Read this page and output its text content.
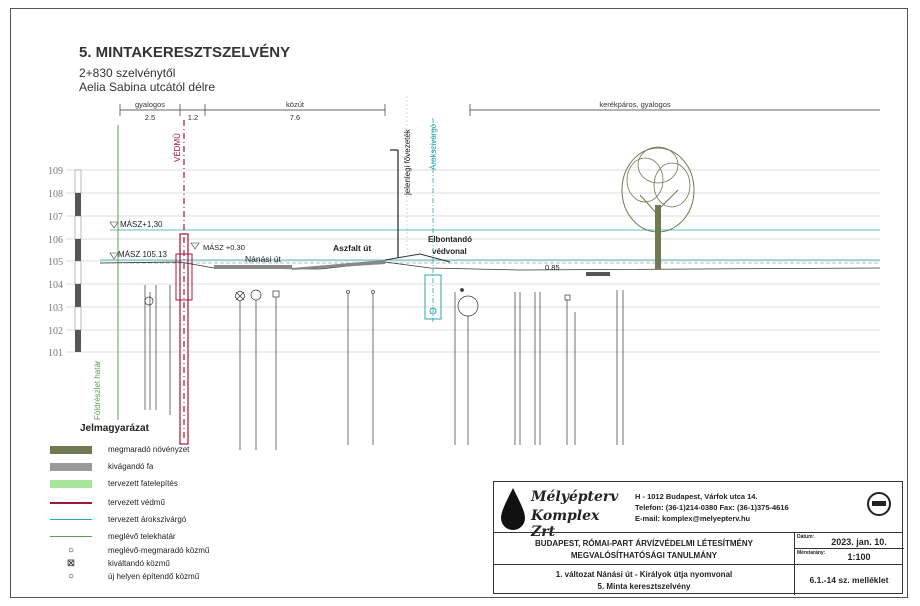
5. MINTAKERESZTSZELVÉNY
2+830 szelvénytől
Aelia Sabina utcától délre
109
108
107
106
105
104
103
102
101
gyalogos
2.5	1.2
közút
7.6
kerékpáros, gyalogos
MÁSZ+1,30
MÁSZ 105.13
MÁSZ +0.30
Földrészlet határ
VÉDMŰ
Nánási út
Aszfalt út
Elbontandó
védvonal
0.85
jelenlegi fővezeték Árokszivárgó
Jelmagyarázat
megmaradó növényzet
kivágandó fa
tervezett fatelepítés
tervezett védmű
tervezett árokszivárgó
meglévő telekhatár
○	meglévő-megmaradó közmű
⊠	kiváltandó közmű
○	új helyen építendő közmű
Mélyépterv
Komplex Zrt
H - 1012 Budapest, Várfok utca 14.
Telefon: (36-1)214-0380 Fax: (36-1)375-4616
E-mail: komplex@melyepterv.hu
BUDAPEST, RÓMAI-PART ÁRVÍZVÉDELMI LÉTESÍTMÉNY
MEGVALÓSÍTHATÓSÁGI TANULMÁNY
Dátum:	2023. jan. 10.
Méretarány:	1:100
1. változat Nánási út - Királyok útja nyomvonal
5. Minta keresztszelvény
6.1.-14 sz. melléklet
